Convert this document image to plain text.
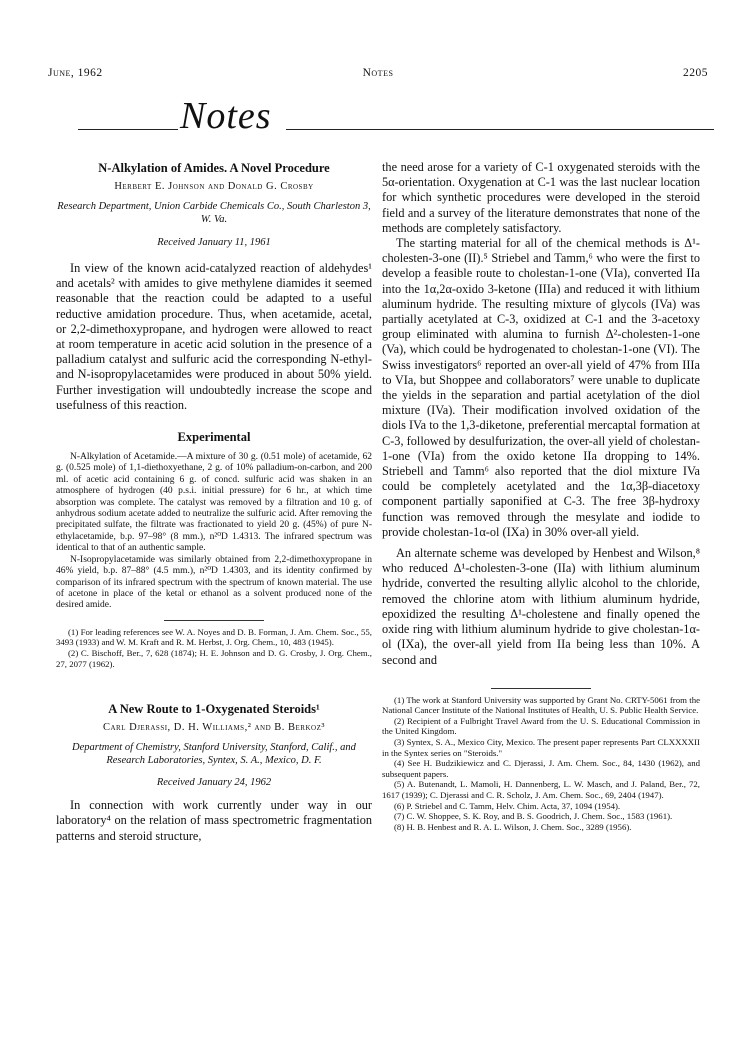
June, 1962	Notes	2205
Notes
N-Alkylation of Amides. A Novel Procedure
Herbert E. Johnson and Donald G. Crosby
Research Department, Union Carbide Chemicals Co., South Charleston 3, W. Va.
Received January 11, 1961

In view of the known acid-catalyzed reaction of aldehydes¹ and acetals² with amides to give methylene diamides it seemed reasonable that the reaction could be adapted to a useful reductive amidation procedure. Thus, when acetamide, acetal, or 2,2-dimethoxypropane, and hydrogen were allowed to react at room temperature in acetic acid solution in the presence of a palladium catalyst and sulfuric acid the corresponding N-ethyl- and N-isopropylacetamides were produced in about 50% yield. Further investigation will undoubtedly increase the scope and usefulness of this reaction.

Experimental

N-Alkylation of Acetamide.—A mixture of 30 g. (0.51 mole) of acetamide, 62 g. (0.525 mole) of 1,1-diethoxyethane, 2 g. of 10% palladium-on-carbon, and 200 ml. of acetic acid containing 6 g. of concd. sulfuric acid was shaken in an atmosphere of hydrogen (40 p.s.i. initial pressure) for 6 hr., at which time absorption was complete. The catalyst was removed by a filtration and 10 g. of anhydrous sodium acetate added to neutralize the sulfuric acid. After removing the precipitated sulfate, the filtrate was fractionated to yield 20 g. (45%) of pure N-ethylacetamide, b.p. 97–98° (8 mm.), n²⁰D 1.4313. The infrared spectrum was identical to that of an authentic sample.

N-Isopropylacetamide was similarly obtained from 2,2-dimethoxypropane in 46% yield, b.p. 87–88° (4.5 mm.), n²⁰D 1.4303, and its identity confirmed by comparison of its infrared spectrum with the spectrum of known material. The use of acetone in place of the ketal or ethanol as a solvent produced none of the desired amide.

(1) For leading references see W. A. Noyes and D. B. Forman, J. Am. Chem. Soc., 55, 3493 (1933) and W. M. Kraft and R. M. Herbst, J. Org. Chem., 10, 483 (1945).

(2) C. Bischoff, Ber., 7, 628 (1874); H. E. Johnson and D. G. Crosby, J. Org. Chem., 27, 2077 (1962).

A New Route to 1-Oxygenated Steroids¹
Carl Djerassi, D. H. Williams,² and B. Berkoz³
Department of Chemistry, Stanford University, Stanford, Calif., and Research Laboratories, Syntex, S. A., Mexico, D. F.
Received January 24, 1962

In connection with work currently under way in our laboratory⁴ on the relation of mass spectrometric fragmentation patterns and steroid structure,

the need arose for a variety of C-1 oxygenated steroids with the 5α-orientation. Oxygenation at C-1 was the last nuclear location for which synthetic procedures were developed in the steroid field and a survey of the literature demonstrates that none of the methods are completely satisfactory.

The starting material for all of the chemical methods is Δ¹-cholesten-3-one (II).⁵ Striebel and Tamm,⁶ who were the first to develop a feasible route to cholestan-1-one (VIa), converted IIa into the 1α,2α-oxido 3-ketone (IIIa) and reduced it with lithium aluminum hydride. The resulting mixture of glycols (IVa) was partially acetylated at C-3, oxidized at C-1 and the 3-acetoxy group eliminated with alumina to furnish Δ²-cholesten-1-one (Va), which could be hydrogenated to cholestan-1-one (VI). The Swiss investigators⁶ reported an over-all yield of 47% from IIIa to VIa, but Shoppee and collaborators⁷ were unable to duplicate the yields in the separation and partial acetylation of the diol mixture (IVa). Their modification involved oxidation of the diols IVa to the 1,3-diketone, preferential mercaptal formation at C-3, followed by desulfurization, the over-all yield of cholestan-1-one (VIa) from the oxido ketone IIa dropping to 14%. Striebell and Tamm⁶ also reported that the diol mixture IVa could be completely acetylated and the 1α,3β-diacetoxy component partially saponified at C-3. The free 3β-hydroxy function was removed through the mesylate and iodide to provide cholestan-1α-ol (IXa) in 30% over-all yield.

An alternate scheme was developed by Henbest and Wilson,⁸ who reduced Δ¹-cholesten-3-one (IIa) with lithium aluminum hydride, converted the resulting allylic alcohol to the chloride, removed the chlorine atom with lithium aluminum hydride, epoxidized the resulting Δ¹-cholestene and finally opened the oxide ring with lithium aluminum hydride to give cholestan-1α-ol (IXa), the over-all yield from IIa being less than 10%. A second and

(1) The work at Stanford University was supported by Grant No. CRTY-5061 from the National Cancer Institute of the National Institutes of Health, U. S. Public Health Service.

(2) Recipient of a Fulbright Travel Award from the U. S. Educational Commission in the United Kingdom.

(3) Syntex, S. A., Mexico City, Mexico. The present paper represents Part CLXXXXII in the Syntex series on "Steroids."

(4) See H. Budzikiewicz and C. Djerassi, J. Am. Chem. Soc., 84, 1430 (1962), and subsequent papers.

(5) A. Butenandt, L. Mamoli, H. Dannenberg, L. W. Masch, and J. Paland, Ber., 72, 1617 (1939); C. Djerassi and C. R. Scholz, J. Am. Chem. Soc., 69, 2404 (1947).

(6) P. Striebel and C. Tamm, Helv. Chim. Acta, 37, 1094 (1954).

(7) C. W. Shoppee, S. K. Roy, and B. S. Goodrich, J. Chem. Soc., 1583 (1961).

(8) H. B. Henbest and R. A. L. Wilson, J. Chem. Soc., 3289 (1956).
